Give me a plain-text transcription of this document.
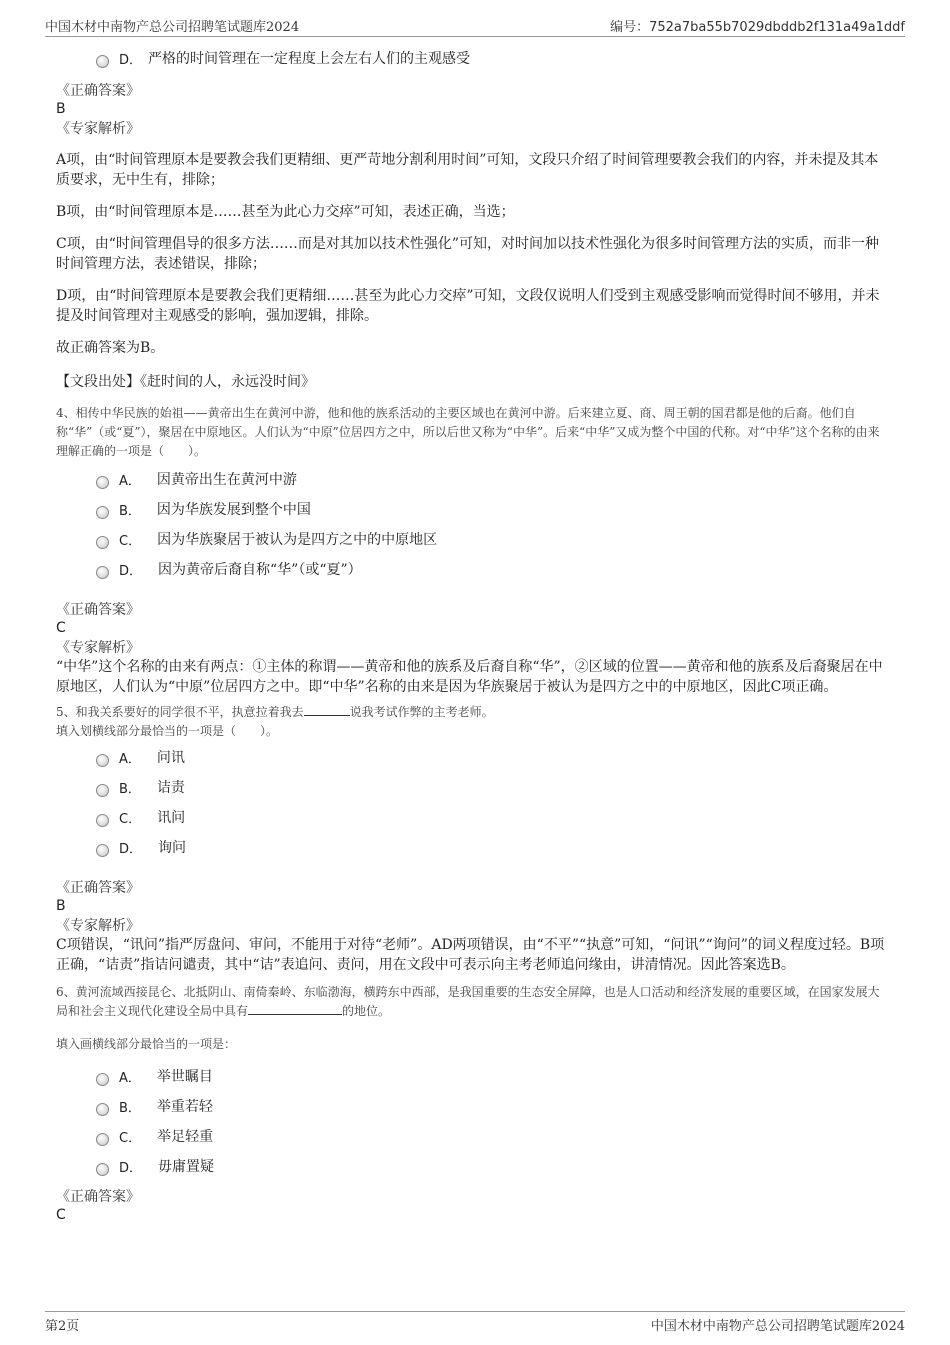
中国木材中南物产总公司招聘笔试题库2024	编号：752a7ba55b7029dbddb2f131a49a1ddf
D． 严格的时间管理在一定程度上会左右人们的主观感受
《正确答案》
B
《专家解析》

A项，由“时间管理原本是要教会我们更精细、更严苛地分割利用时间”可知，文段只介绍了时间管理要教会我们的内容，并未提及其本质要求，无中生有，排除；

B项，由“时间管理原本是……甚至为此心力交瘁”可知，表述正确，当选；

C项，由“时间管理倡导的很多方法……而是对其加以技术性强化”可知，对时间加以技术性强化为很多时间管理方法的实质，而非一种时间管理方法，表述错误，排除；

D项，由“时间管理原本是要教会我们更精细……甚至为此心力交瘁”可知，文段仅说明人们受到主观感受影响而觉得时间不够用，并未提及时间管理对主观感受的影响，强加逻辑，排除。

故正确答案为B。

【文段出处】《赶时间的人，永远没时间》

4、相传中华民族的始祖——黄帝出生在黄河中游，他和他的族系活动的主要区域也在黄河中游。后来建立夏、商、周王朝的国君都是他的后裔。他们自称“华”（或“夏”），聚居在中原地区。人们认为“中原”位居四方之中，所以后世又称为“中华”。后来“中华”又成为整个中国的代称。对“中华”这个名称的由来理解正确的一项是（　　）。

A． 因黄帝出生在黄河中游
B． 因为华族发展到整个中国
C． 因为华族聚居于被认为是四方之中的中原地区
D． 因为黄帝后裔自称“华”（或“夏”）
《正确答案》
C
《专家解析》

“中华”这个名称的由来有两点：①主体的称谓——黄帝和他的族系及后裔自称“华”，②区域的位置——黄帝和他的族系及后裔聚居在中原地区，人们认为“中原”位居四方之中。即“中华”名称的由来是因为华族聚居于被认为是四方之中的中原地区，因此C项正确。

5、和我关系要好的同学很不平，执意拉着我去	说我考试作弊的主考老师。

填入划横线部分最恰当的一项是（　　）。

A． 问讯
B． 诘责
C． 讯问
D． 询问
《正确答案》
B
《专家解析》

C项错误，“讯问”指严厉盘问、审问，不能用于对待“老师”。AD两项错误，由“不平”“执意”可知，“问讯”“询问”的词义程度过轻。B项正确，“诘责”指诘问谴责，其中“诘”表追问、责问，用在文段中可表示向主考老师追问缘由，讲清情况。因此答案选B。

6、黄河流域西接昆仑、北抵阴山、南倚秦岭、东临渤海，横跨东中西部，是我国重要的生态安全屏障，也是人口活动和经济发展的重要区域，在国家发展大局和社会主义现代化建设全局中具有	的地位。

填入画横线部分最恰当的一项是：

A． 举世瞩目
B． 举重若轻
C． 举足轻重
D． 毋庸置疑
《正确答案》
C
第2页	中国木材中南物产总公司招聘笔试题库2024
